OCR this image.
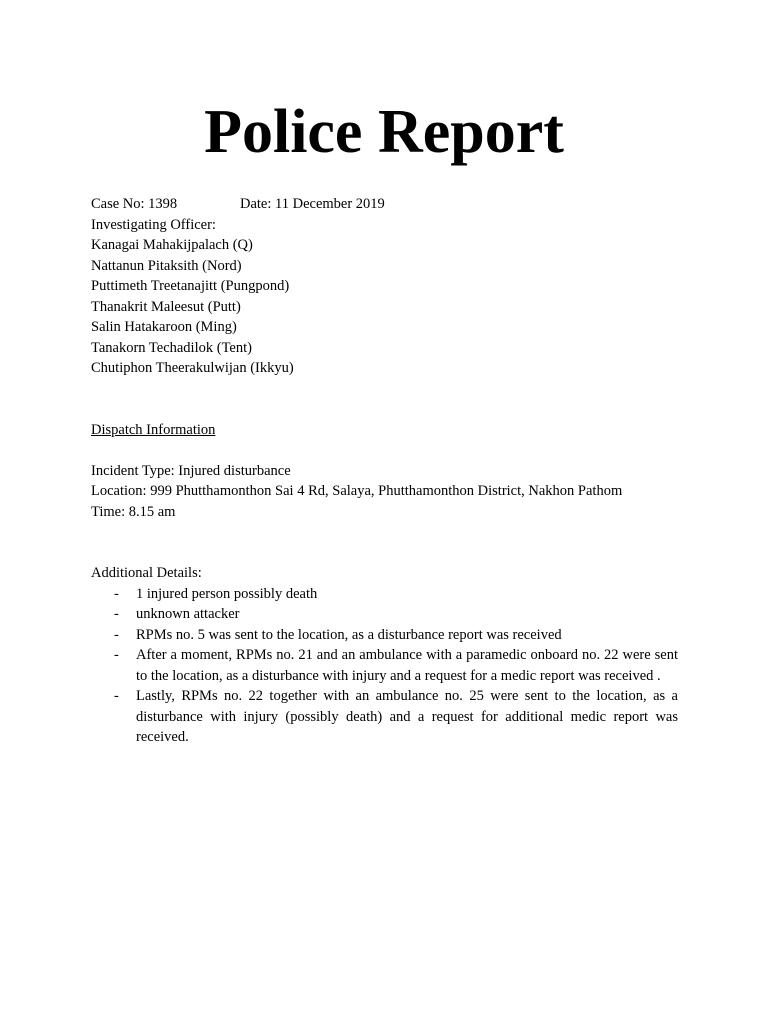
Police Report
Case No: 1398	Date: 11 December 2019
Investigating Officer:
Kanagai Mahakijpalach (Q)
Nattanun Pitaksith (Nord)
Puttimeth Treetanajitt (Pungpond)
Thanakrit Maleesut (Putt)
Salin Hatakaroon (Ming)
Tanakorn Techadilok (Tent)
Chutiphon Theerakulwijan (Ikkyu)
Dispatch Information
Incident Type: Injured disturbance
Location: 999 Phutthamonthon Sai 4 Rd, Salaya, Phutthamonthon District, Nakhon Pathom
Time: 8.15 am
Additional Details:
- 1 injured person possibly death
- unknown attacker
- RPMs no. 5 was sent to the location, as a disturbance report was received
- After a moment, RPMs no. 21 and an ambulance with a paramedic onboard no. 22 were sent to the location, as a disturbance with injury and a request for a medic report was received .
- Lastly, RPMs no. 22 together with an ambulance no. 25 were sent to the location, as a disturbance with injury (possibly death) and a request for additional medic report was received.
